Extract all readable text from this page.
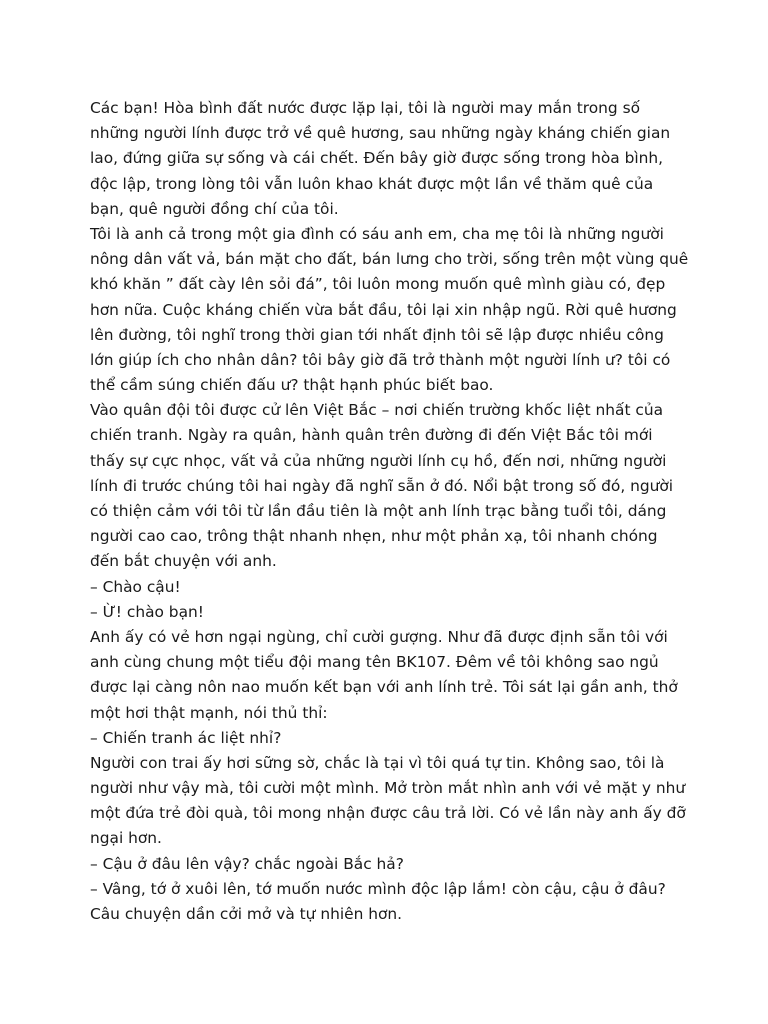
Các bạn! Hòa bình đất nước được lặp lại, tôi là người may mắn trong số
những người lính được trở về quê hương, sau những ngày kháng chiến gian
lao, đứng giữa sự sống và cái chết. Đến bây giờ được sống trong hòa bình,
độc lập, trong lòng tôi vẫn luôn khao khát được một lần về thăm quê của
bạn, quê người đồng chí của tôi.
Tôi là anh cả trong một gia đình có sáu anh em, cha mẹ tôi là những người
nông dân vất vả, bán mặt cho đất, bán lưng cho trời, sống trên một vùng quê
khó khăn ” đất cày lên sỏi đá”, tôi luôn mong muốn quê mình giàu có, đẹp
hơn nữa. Cuộc kháng chiến vừa bắt đầu, tôi lại xin nhập ngũ. Rời quê hương
lên đường, tôi nghĩ trong thời gian tới nhất định tôi sẽ lập được nhiều công
lớn giúp ích cho nhân dân? tôi bây giờ đã trở thành một người lính ư? tôi có
thể cầm súng chiến đấu ư? thật hạnh phúc biết bao.
Vào quân đội tôi được cử lên Việt Bắc – nơi chiến trường khốc liệt nhất của
chiến tranh. Ngày ra quân, hành quân trên đường đi đến Việt Bắc tôi mới
thấy sự cực nhọc, vất vả của những người lính cụ hồ, đến nơi, những người
lính đi trước chúng tôi hai ngày đã nghĩ sẵn ở đó. Nổi bật trong số đó, người
có thiện cảm với tôi từ lần đầu tiên là một anh lính trạc bằng tuổi tôi, dáng
người cao cao, trông thật nhanh nhẹn, như một phản xạ, tôi nhanh chóng
đến bắt chuyện với anh.
– Chào cậu!
– Ừ! chào bạn!
Anh ấy có vẻ hơn ngại ngùng, chỉ cười gượng. Như đã được định sẵn tôi với
anh cùng chung một tiểu đội mang tên BK107. Đêm về tôi không sao ngủ
được lại càng nôn nao muốn kết bạn với anh lính trẻ. Tôi sát lại gần anh, thở
một hơi thật mạnh, nói thủ thỉ:
– Chiến tranh ác liệt nhỉ?
Người con trai ấy hơi sững sờ, chắc là tại vì tôi quá tự tin. Không sao, tôi là
người như vậy mà, tôi cười một mình. Mở tròn mắt nhìn anh với vẻ mặt y như
một đứa trẻ đòi quà, tôi mong nhận được câu trả lời. Có vẻ lần này anh ấy đỡ
ngại hơn.
– Cậu ở đâu lên vậy? chắc ngoài Bắc hả?
– Vâng, tớ ở xuôi lên, tớ muốn nước mình độc lập lắm! còn cậu, cậu ở đâu?
Câu chuyện dần cởi mở và tự nhiên hơn.
